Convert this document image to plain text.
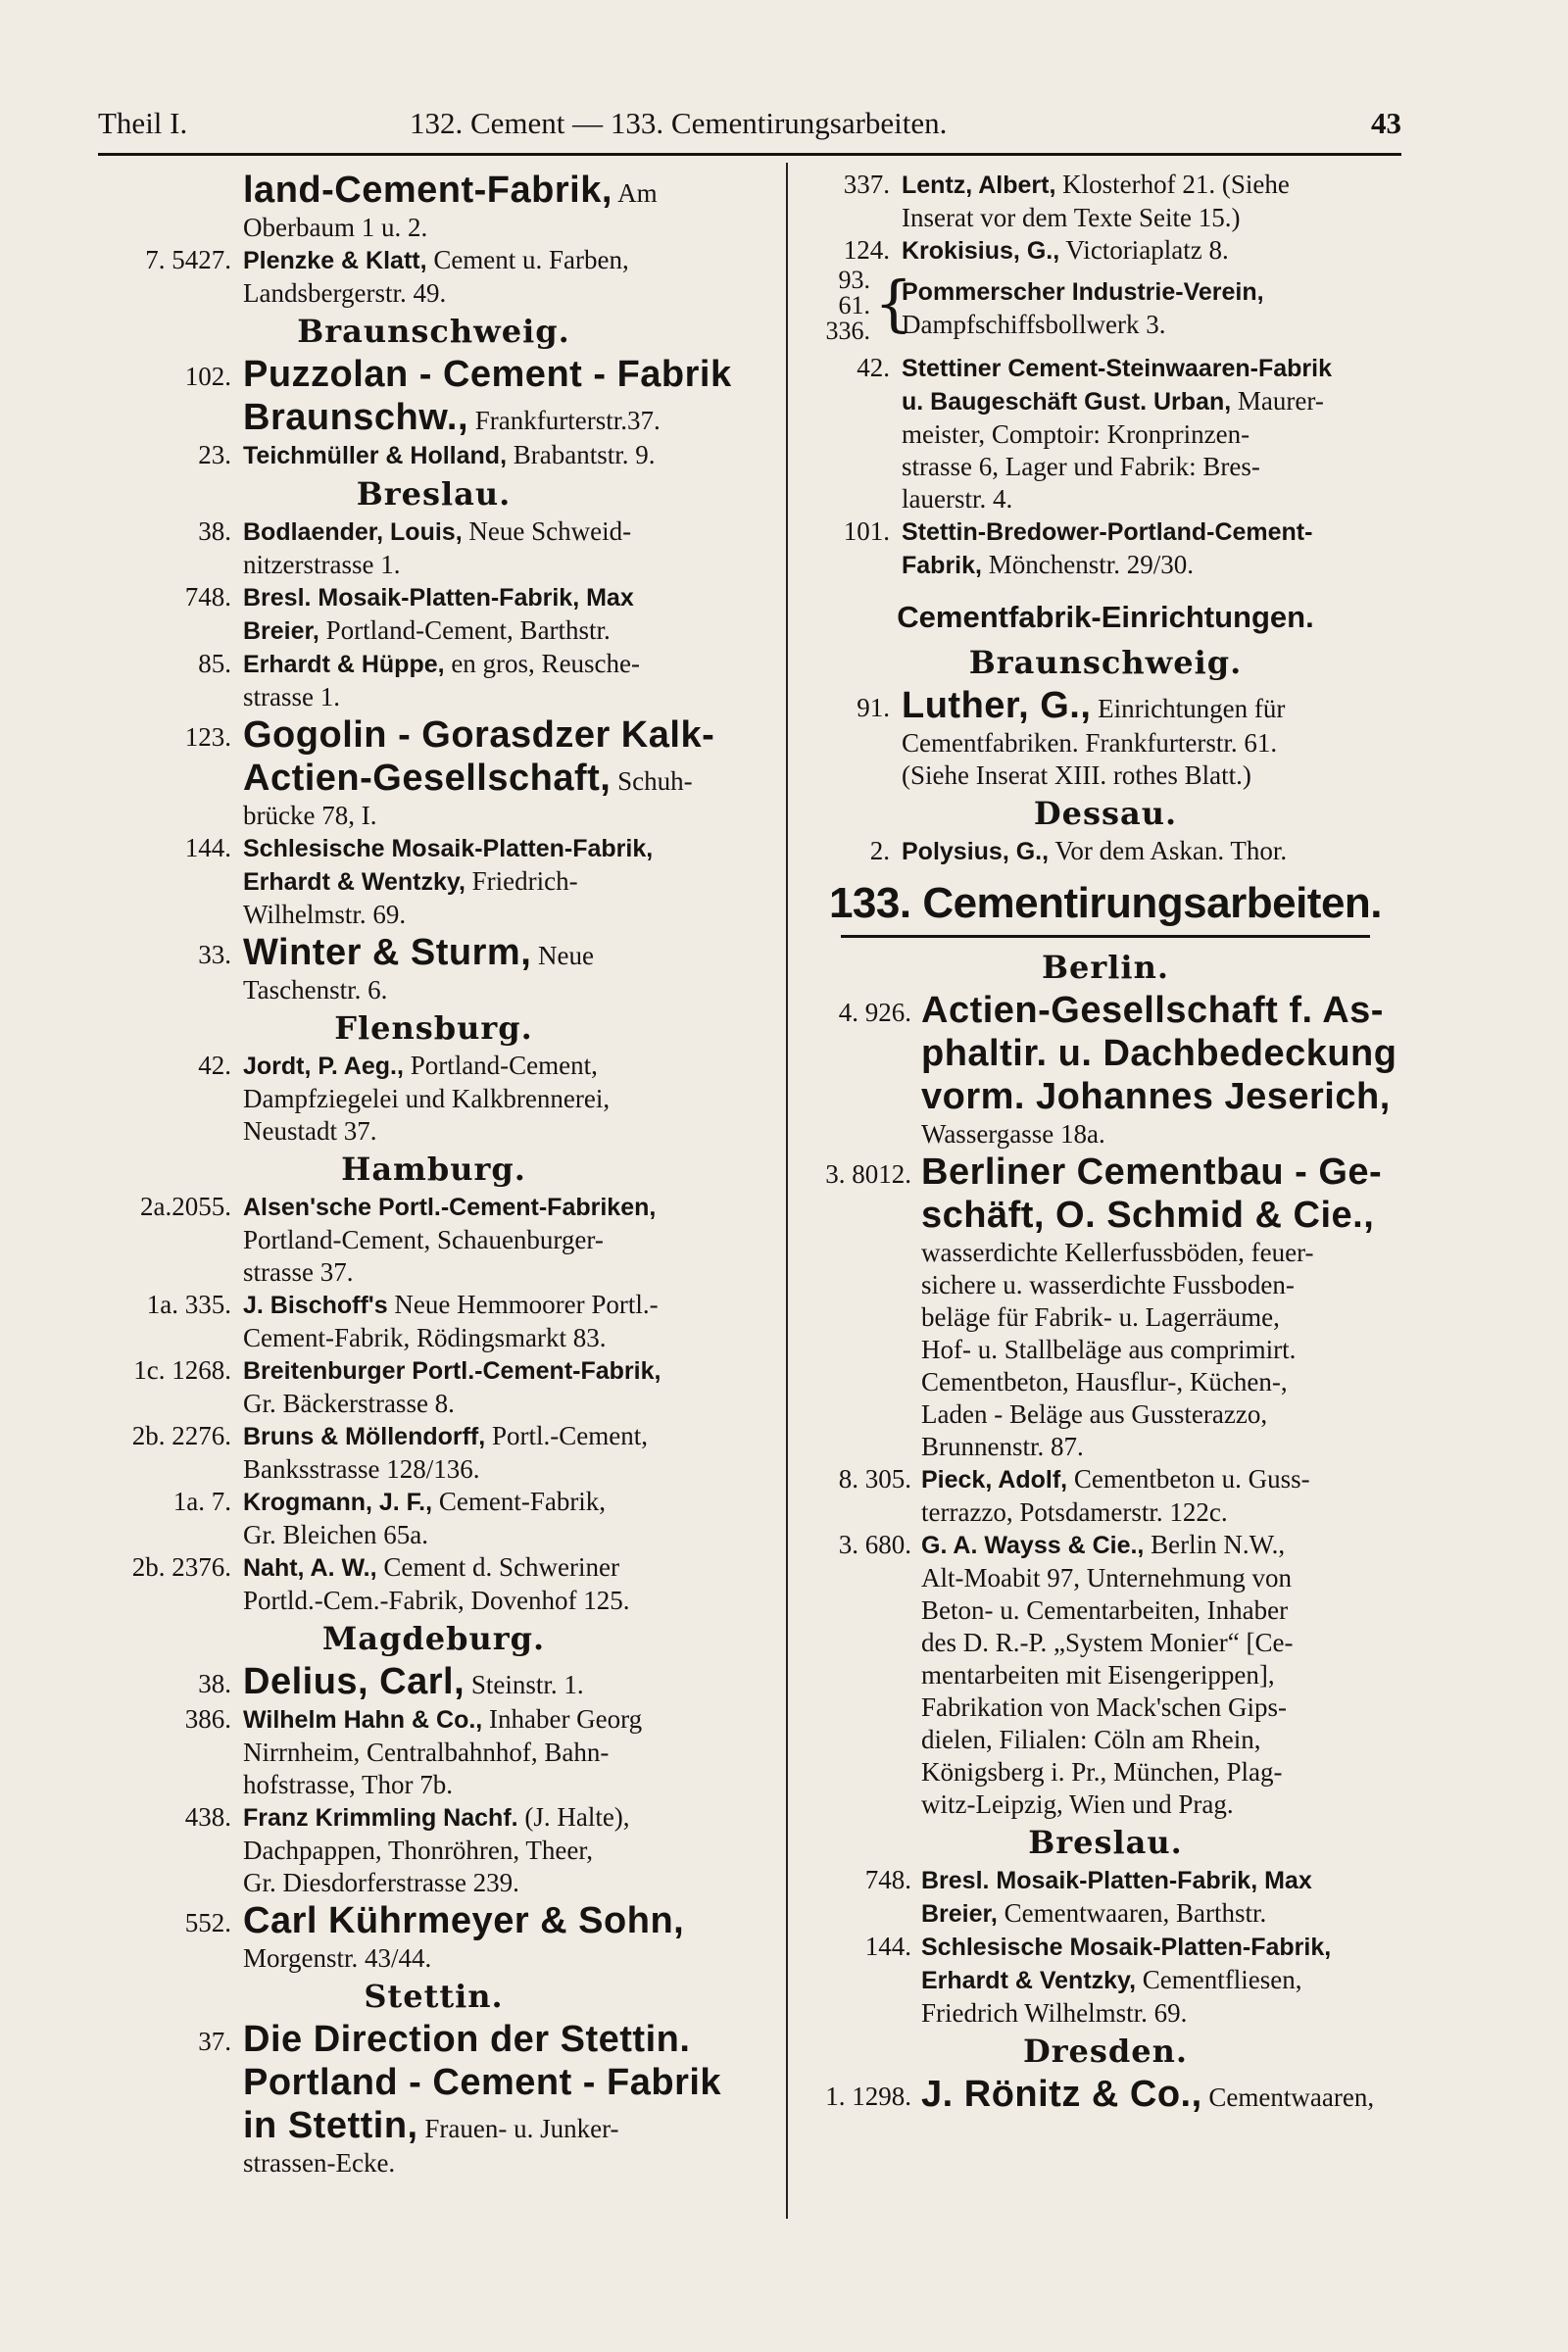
Theil I.	132. Cement — 133. Cementirungsarbeiten.	43
land-Cement-Fabrik, Am
Oberbaum 1 u. 2.
7. 5427. Plenzke & Klatt, Cement u. Farben,
Landsbergerstr. 49.
Braunschweig.
102. Puzzolan - Cement - Fabrik
Braunschw., Frankfurterstr.37.
23. Teichmüller & Holland, Brabantstr. 9.
Breslau.
38. Bodlaender, Louis, Neue Schweid-
nitzerstrasse 1.
748. Bresl. Mosaik-Platten-Fabrik, Max
Breier, Portland-Cement, Barthstr.
85. Erhardt & Hüppe, en gros, Reusche-
strasse 1.
123. Gogolin - Gorasdzer Kalk-
Actien-Gesellschaft, Schuh-
brücke 78, I.
144. Schlesische Mosaik-Platten-Fabrik,
Erhardt & Wentzky, Friedrich-
Wilhelmstr. 69.
33. Winter & Sturm, Neue
Taschenstr. 6.
Flensburg.
42. Jordt, P. Aeg., Portland-Cement,
Dampfziegelei und Kalkbrennerei,
Neustadt 37.
Hamburg.
2a.2055. Alsen'sche Portl.-Cement-Fabriken,
Portland-Cement, Schauenburger-
strasse 37.
1a. 335. J. Bischoff's Neue Hemmoorer Portl.-
Cement-Fabrik, Rödingsmarkt 83.
1c. 1268. Breitenburger Portl.-Cement-Fabrik,
Gr. Bäckerstrasse 8.
2b. 2276. Bruns & Möllendorff, Portl.-Cement,
Banksstrasse 128/136.
1a. 7. Krogmann, J. F., Cement-Fabrik,
Gr. Bleichen 65a.
2b. 2376. Naht, A. W., Cement d. Schweriner
Portld.-Cem.-Fabrik, Dovenhof 125.
Magdeburg.
38. Delius, Carl, Steinstr. 1.
386. Wilhelm Hahn & Co., Inhaber Georg
Nirrnheim, Centralbahnhof, Bahn-
hofstrasse, Thor 7b.
438. Franz Krimmling Nachf. (J. Halte),
Dachpappen, Thonröhren, Theer,
Gr. Diesdorferstrasse 239.
552. Carl Kührmeyer & Sohn,
Morgenstr. 43/44.
Stettin.
37. Die Direction der Stettin.
Portland - Cement - Fabrik
in Stettin, Frauen- u. Junker-
strassen-Ecke.
337. Lentz, Albert, Klosterhof 21. (Siehe
Inserat vor dem Texte Seite 15.)
124. Krokisius, G., Victoriaplatz 8.
93.
61.
336. {
Pommerscher Industrie-Verein,
Dampfschiffsbollwerk 3.
42. Stettiner Cement-Steinwaaren-Fabrik
u. Baugeschäft Gust. Urban, Maurer-
meister, Comptoir: Kronprinzen-
strasse 6, Lager und Fabrik: Bres-
lauerstr. 4.
101. Stettin-Bredower-Portland-Cement-
Fabrik, Mönchenstr. 29/30.
Cementfabrik-Einrichtungen.
Braunschweig.
91. Luther, G., Einrichtungen für
Cementfabriken. Frankfurterstr. 61.
(Siehe Inserat XIII. rothes Blatt.)
Dessau.
2. Polysius, G., Vor dem Askan. Thor.
133. Cementirungsarbeiten.
Berlin.
4. 926. Actien-Gesellschaft f. As-
phaltir. u. Dachbedeckung
vorm. Johannes Jeserich,
Wassergasse 18a.
3. 8012. Berliner Cementbau - Ge-
schäft, O. Schmid & Cie.,
wasserdichte Kellerfussböden, feuer-
sichere u. wasserdichte Fussboden-
beläge für Fabrik- u. Lagerräume,
Hof- u. Stallbeläge aus comprimirt.
Cementbeton, Hausflur-, Küchen-,
Laden - Beläge aus Gussterazzo,
Brunnenstr. 87.
8. 305. Pieck, Adolf, Cementbeton u. Guss-
terrazzo, Potsdamerstr. 122c.
3. 680. G. A. Wayss & Cie., Berlin N.W.,
Alt-Moabit 97, Unternehmung von
Beton- u. Cementarbeiten, Inhaber
des D. R.-P. „System Monier“ [Ce-
mentarbeiten mit Eisengerippen],
Fabrikation von Mack'schen Gips-
dielen, Filialen: Cöln am Rhein,
Königsberg i. Pr., München, Plag-
witz-Leipzig, Wien und Prag.
Breslau.
748. Bresl. Mosaik-Platten-Fabrik, Max
Breier, Cementwaaren, Barthstr.
144. Schlesische Mosaik-Platten-Fabrik,
Erhardt & Ventzky, Cementfliesen,
Friedrich Wilhelmstr. 69.
Dresden.
1. 1298. J. Rönitz & Co., Cementwaaren,
